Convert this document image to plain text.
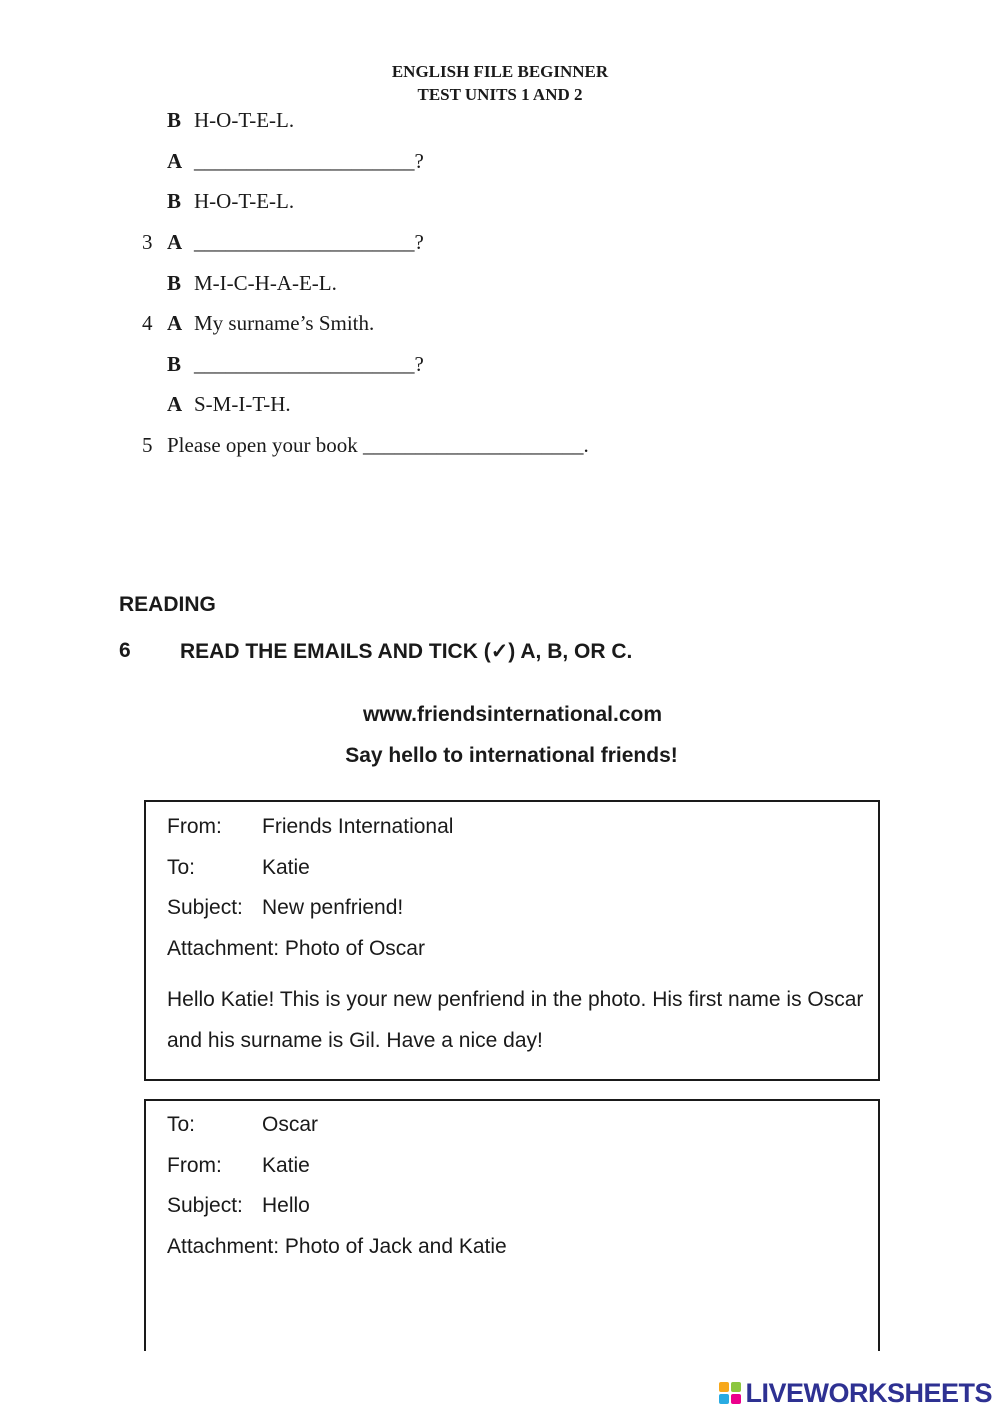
ENGLISH FILE BEGINNER
TEST UNITS 1 AND 2
B H-O-T-E-L.
A _____________________?
B H-O-T-E-L.
3 A _____________________?
B M-I-C-H-A-E-L.
4 A My surname’s Smith.
B _____________________?
A S-M-I-T-H.
5 Please open your book _____________________.
READING
6 READ THE EMAILS AND TICK (✓) A, B, OR C.
www.friendsinternational.com
Say hello to international friends!
From: Friends International
To:	Katie
Subject: New penfriend!
Attachment: Photo of Oscar
Hello Katie! This is your new penfriend in the photo. His first name is Oscar and his surname is Gil. Have a nice day!
To:	Oscar
From: Katie
Subject: Hello
Attachment: Photo of Jack and Katie
LIVEWORKSHEETS
